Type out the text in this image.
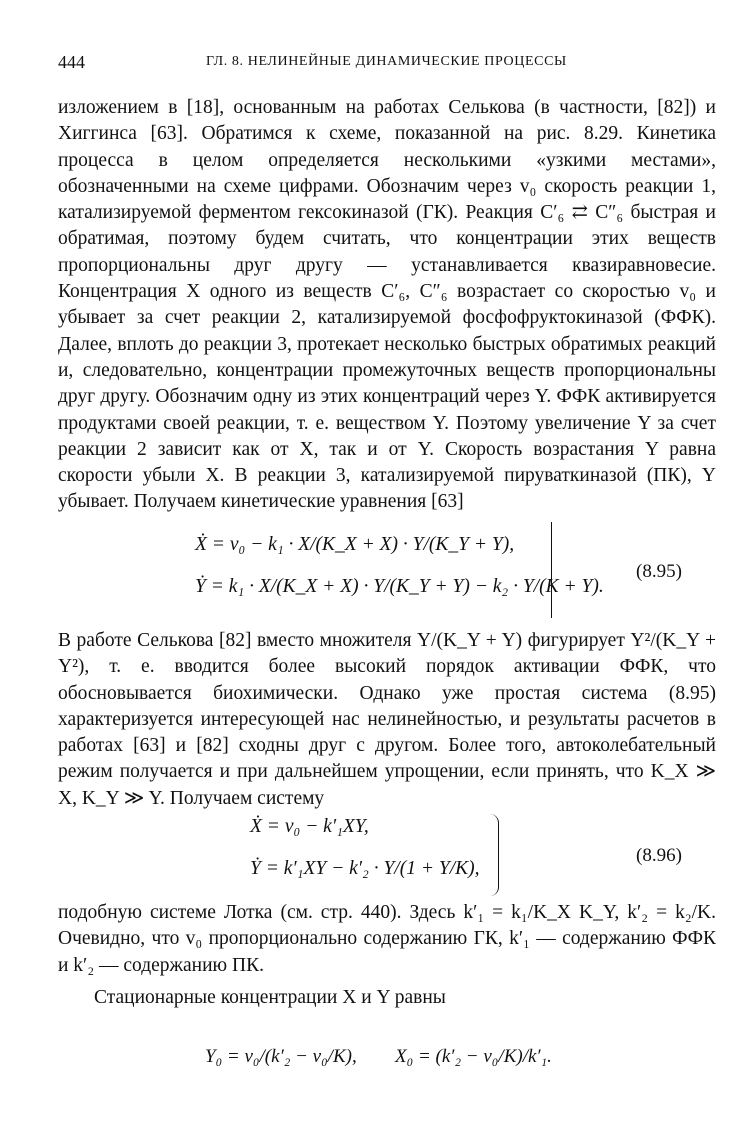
444	ГЛ. 8. НЕЛИНЕЙНЫЕ ДИНАМИЧЕСКИЕ ПРОЦЕССЫ

изложением в [18], основанным на работах Селькова (в частности, [82]) и Хиггинса [63]. Обратимся к схеме, показанной на рис. 8.29. Кинетика процесса в целом определяется несколькими «узкими местами», обозначенными на схеме цифрами. Обозначим через v₀ скорость реакции 1, катализируемой ферментом гексокиназой (ГК). Реакция C′₆ ⇄ C″₆ быстрая и обратимая, поэтому будем считать, что концентрации этих веществ пропорциональны друг другу — устанавливается квазиравновесие. Концентрация X одного из веществ C′₆, C″₆ возрастает со скоростью v₀ и убывает за счет реакции 2, катализируемой фосфофруктокиназой (ФФК). Далее, вплоть до реакции 3, протекает несколько быстрых обратимых реакций и, следовательно, концентрации промежуточных веществ пропорциональны друг другу. Обозначим одну из этих концентраций через Y. ФФК активируется продуктами своей реакции, т. е. веществом Y. Поэтому увеличение Y за счет реакции 2 зависит как от X, так и от Y. Скорость возрастания Y равна скорости убыли X. В реакции 3, катализируемой пируваткиназой (ПК), Y убывает. Получаем кинетические уравнения [63]

Ẋ = v₀ − k₁ · X/(K_X + X) · Y/(K_Y + Y),
Ẏ = k₁ · X/(K_X + X) · Y/(K_Y + Y) − k₂ · Y/(K + Y).
(8.95)

В работе Селькова [82] вместо множителя Y/(K_Y + Y) фигурирует Y²/(K_Y + Y²), т. е. вводится более высокий порядок активации ФФК, что обосновывается биохимически. Однако уже простая система (8.95) характеризуется интересующей нас нелинейностью, и результаты расчетов в работах [63] и [82] сходны друг с другом. Более того, автоколебательный режим получается и при дальнейшем упрощении, если принять, что K_X ≫ X, K_Y ≫ Y. Получаем систему

Ẋ = v₀ − k′₁XY,
Ẏ = k′₁XY − k′₂ · Y/(1 + Y/K),
(8.96)

подобную системе Лотка (см. стр. 440). Здесь k′₁ = k₁/K_X K_Y, k′₂ = k₂/K. Очевидно, что v₀ пропорционально содержанию ГК, k′₁ — содержанию ФФК и k′₂ — содержанию ПК.

Стационарные концентрации X и Y равны

Y₀ = v₀/(k′₂ − v₀/K), X₀ = (k′₂ − v₀/K)/k′₁.
